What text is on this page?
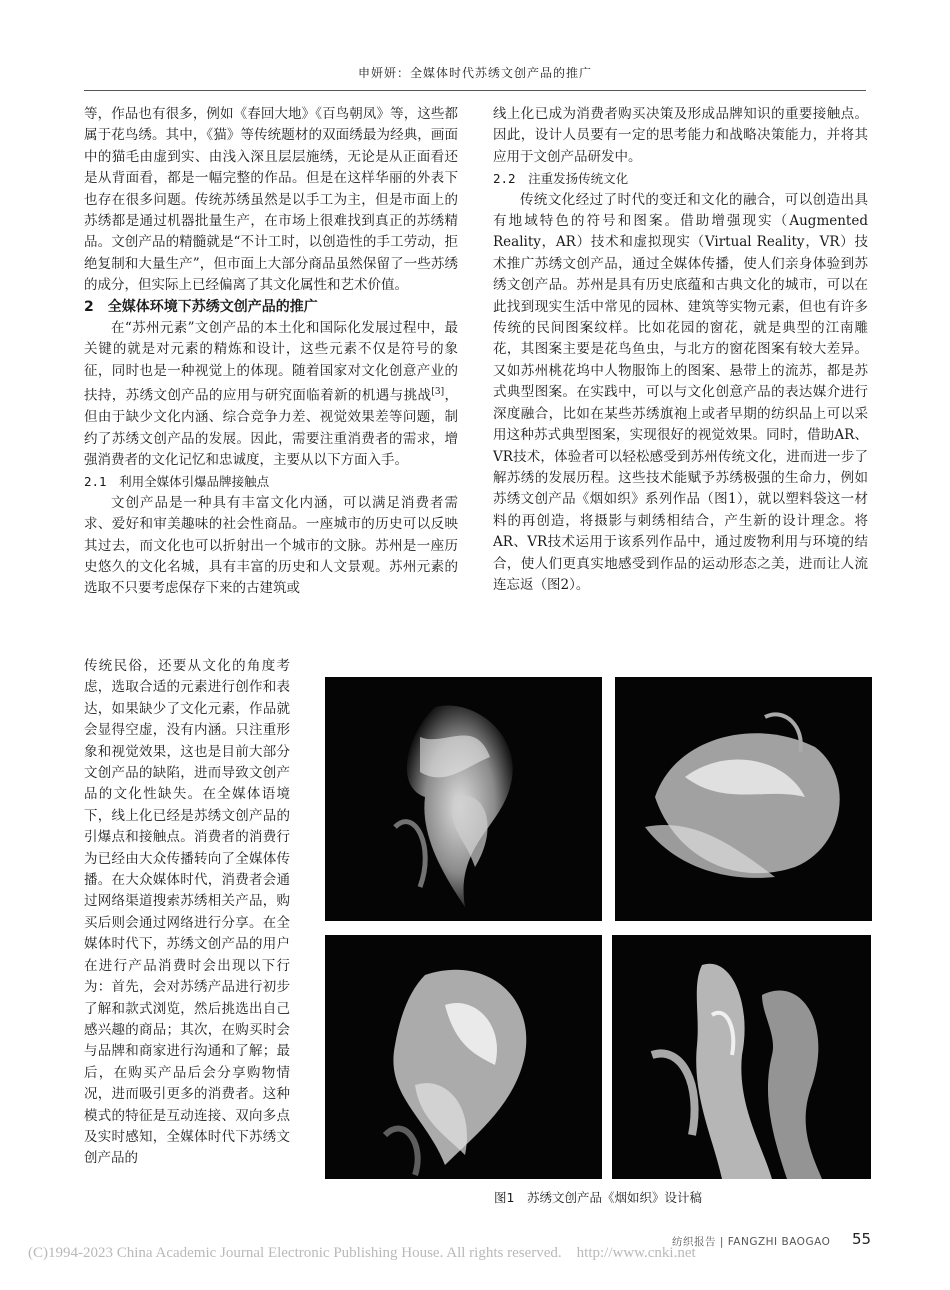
申妍妍：全媒体时代苏绣文创产品的推广

等，作品也有很多，例如《春回大地》《百鸟朝凤》等，这些都属于花鸟绣。其中，《猫》等传统题材的双面绣最为经典，画面中的猫毛由虚到实、由浅入深且层层施绣，无论是从正面看还是从背面看，都是一幅完整的作品。但是在这样华丽的外表下也存在很多问题。传统苏绣虽然是以手工为主，但是市面上的苏绣都是通过机器批量生产，在市场上很难找到真正的苏绣精品。文创产品的精髓就是“不计工时，以创造性的手工劳动，拒绝复制和大量生产”，但市面上大部分商品虽然保留了一些苏绣的成分，但实际上已经偏离了其文化属性和艺术价值。

2　全媒体环境下苏绣文创产品的推广

在“苏州元素”文创产品的本土化和国际化发展过程中，最关键的就是对元素的精炼和设计，这些元素不仅是符号的象征，同时也是一种视觉上的体现。随着国家对文化创意产业的扶持，苏绣文创产品的应用与研究面临着新的机遇与挑战[3]，但由于缺少文化内涵、综合竞争力差、视觉效果差等问题，制约了苏绣文创产品的发展。因此，需要注重消费者的需求，增强消费者的文化记忆和忠诚度，主要从以下方面入手。

2.1　利用全媒体引爆品牌接触点

文创产品是一种具有丰富文化内涵，可以满足消费者需求、爱好和审美趣味的社会性商品。一座城市的历史可以反映其过去，而文化也可以折射出一个城市的文脉。苏州是一座历史悠久的文化名城，具有丰富的历史和人文景观。苏州元素的选取不只要考虑保存下来的古建筑或

传统民俗，还要从文化的角度考虑，选取合适的元素进行创作和表达，如果缺少了文化元素，作品就会显得空虚，没有内涵。只注重形象和视觉效果，这也是目前大部分文创产品的缺陷，进而导致文创产品的文化性缺失。在全媒体语境下，线上化已经是苏绣文创产品的引爆点和接触点。消费者的消费行为已经由大众传播转向了全媒体传播。在大众媒体时代，消费者会通过网络渠道搜索苏绣相关产品，购买后则会通过网络进行分享。在全媒体时代下，苏绣文创产品的用户在进行产品消费时会出现以下行为：首先，会对苏绣产品进行初步了解和款式浏览，然后挑选出自己感兴趣的商品；其次，在购买时会与品牌和商家进行沟通和了解；最后，在购买产品后会分享购物情况，进而吸引更多的消费者。这种模式的特征是互动连接、双向多点及实时感知，全媒体时代下苏绣文创产品的

线上化已成为消费者购买决策及形成品牌知识的重要接触点。因此，设计人员要有一定的思考能力和战略决策能力，并将其应用于文创产品研发中。

2.2　注重发扬传统文化

传统文化经过了时代的变迁和文化的融合，可以创造出具有地域特色的符号和图案。借助增强现实（Augmented Reality，AR）技术和虚拟现实（Virtual Reality，VR）技术推广苏绣文创产品，通过全媒体传播，使人们亲身体验到苏绣文创产品。苏州是具有历史底蕴和古典文化的城市，可以在此找到现实生活中常见的园林、建筑等实物元素，但也有许多传统的民间图案纹样。比如花园的窗花，就是典型的江南雕花，其图案主要是花鸟鱼虫，与北方的窗花图案有较大差异。又如苏州桃花坞中人物服饰上的图案、悬带上的流苏，都是苏式典型图案。在实践中，可以与文化创意产品的表达媒介进行深度融合，比如在某些苏绣旗袍上或者早期的纺织品上可以采用这种苏式典型图案，实现很好的视觉效果。同时，借助AR、VR技术，体验者可以轻松感受到苏州传统文化，进而进一步了解苏绣的发展历程。这些技术能赋予苏绣极强的生命力，例如苏绣文创产品《烟如织》系列作品（图1），就以塑料袋这一材料的再创造，将摄影与刺绣相结合，产生新的设计理念。将AR、VR技术运用于该系列作品中，通过废物利用与环境的结合，使人们更真实地感受到作品的运动形态之美，进而让人流连忘返（图2）。

图1　苏绣文创产品《烟如织》设计稿
纺织报告 | FANGZHI BAOGAO 55
(C)1994-2023 China Academic Journal Electronic Publishing House. All rights reserved.　http://www.cnki.net
